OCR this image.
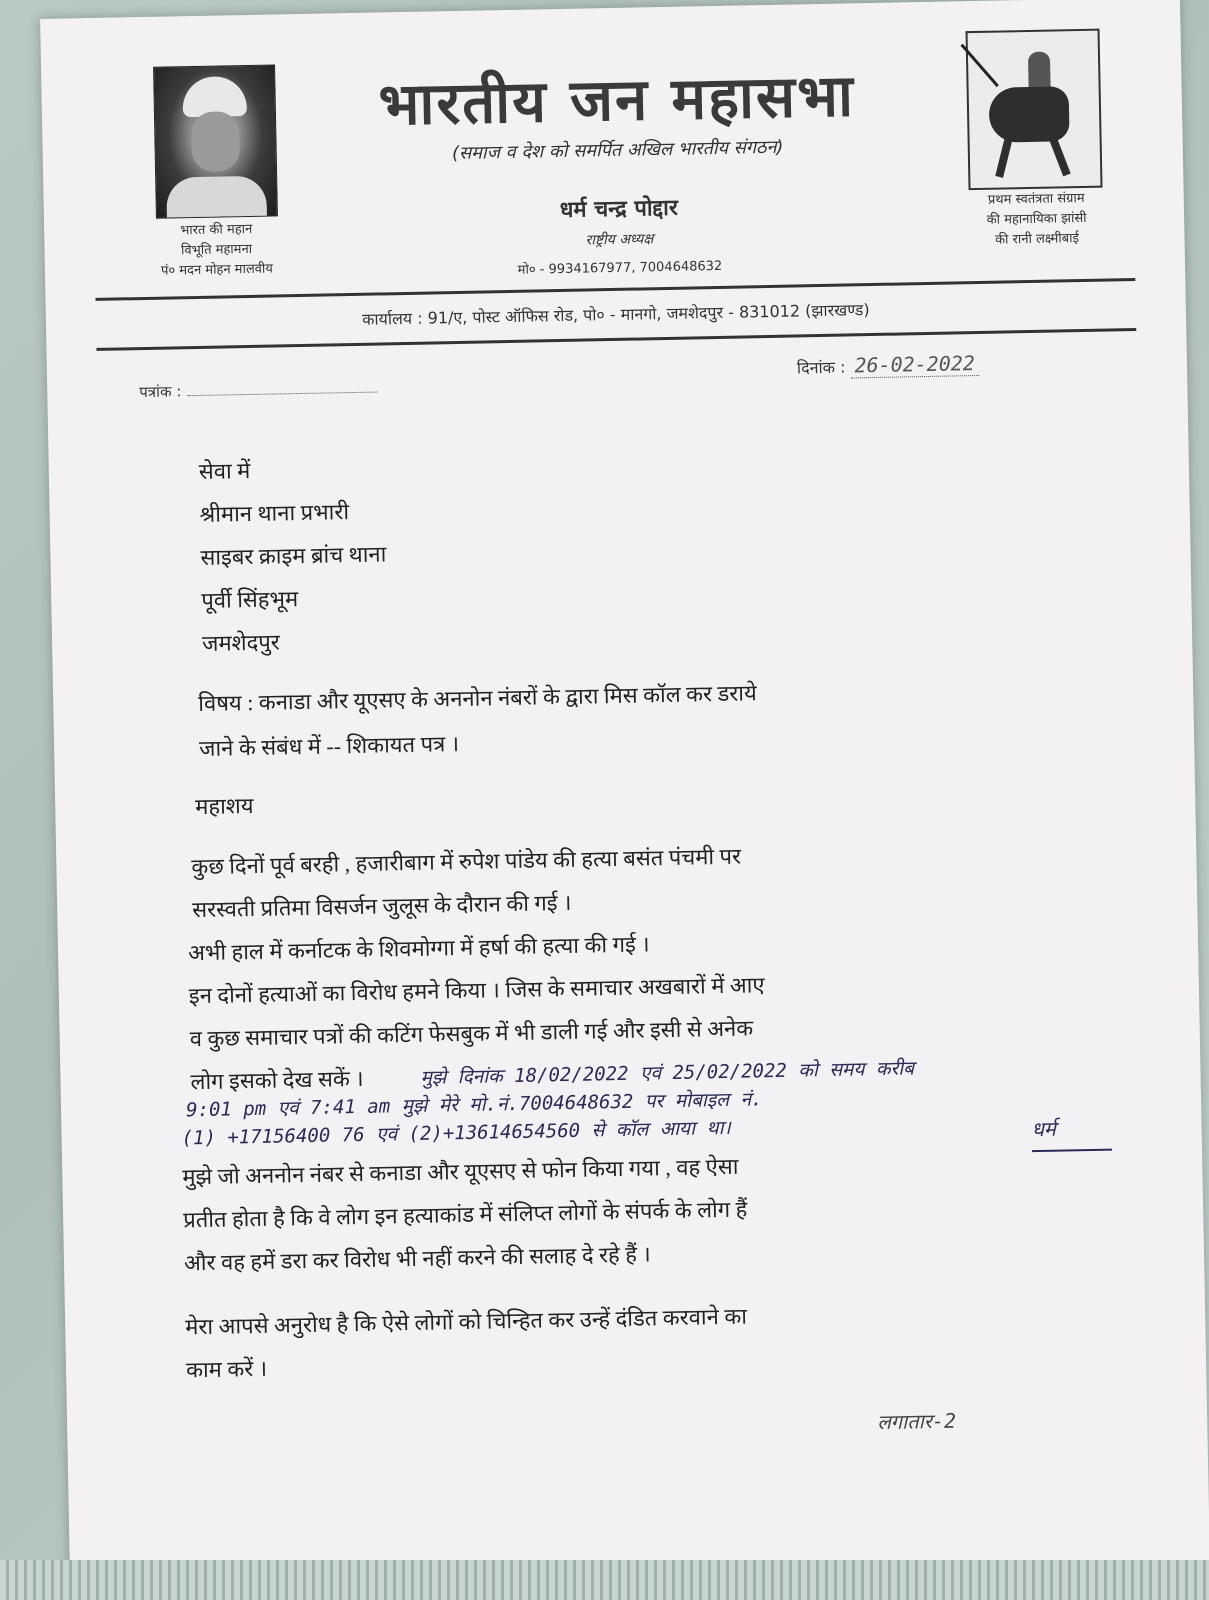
भारत की महान
विभूति महामना
पं० मदन मोहन मालवीय
प्रथम स्वतंत्रता संग्राम
की महानायिका झांसी
की रानी लक्ष्मीबाई
भारतीय जन महासभा
(समाज व देश को समर्पित अखिल भारतीय संगठन)
धर्म चन्द्र पोद्दार
राष्ट्रीय अध्यक्ष
मो० - 9934167977, 7004648632
कार्यालय : 91/ए, पोस्ट ऑफिस रोड, पो० - मानगो, जमशेदपुर - 831012 (झारखण्ड)
पत्रांक :
दिनांक : 26-02-2022
सेवा में
श्रीमान थाना प्रभारी
साइबर क्राइम ब्रांच थाना
पूर्वी सिंहभूम
जमशेदपुर
विषय : कनाडा और यूएसए के अननोन नंबरों के द्वारा मिस कॉल कर डराये
जाने के संबंध में -- शिकायत पत्र ।
महाशय
कुछ दिनों पूर्व बरही , हजारीबाग में रुपेश पांडेय की हत्या बसंत पंचमी पर
सरस्वती प्रतिमा विसर्जन जुलूस के दौरान की गई ।
अभी हाल में कर्नाटक के शिवमोग्गा में हर्षा की हत्या की गई ।
इन दोनों हत्याओं का विरोध हमने किया । जिस के समाचार अखबारों में आए
व कुछ समाचार पत्रों की कटिंग फेसबुक में भी डाली गई और इसी से अनेक
लोग इसको देख सकें ।	मुझे दिनांक 18/02/2022 एवं 25/02/2022 को समय करीब
9:01 pm एवं 7:41 am मुझे मेरे मो.नं.7004648632 पर मोबाइल नं.
(1) +17156400 76 एवं (2)+13614654560 से कॉल आया था।
मुझे जो अननोन नंबर से कनाडा और यूएसए से फोन किया गया , वह ऐसा
प्रतीत होता है कि वे लोग इन हत्याकांड में संलिप्त लोगों के संपर्क के लोग हैं
और वह हमें डरा कर विरोध भी नहीं करने की सलाह दे रहे हैं ।
मेरा आपसे अनुरोध है कि ऐसे लोगों को चिन्हित कर उन्हें दंडित करवाने का
काम करें ।
धर्म
लगातार-2
